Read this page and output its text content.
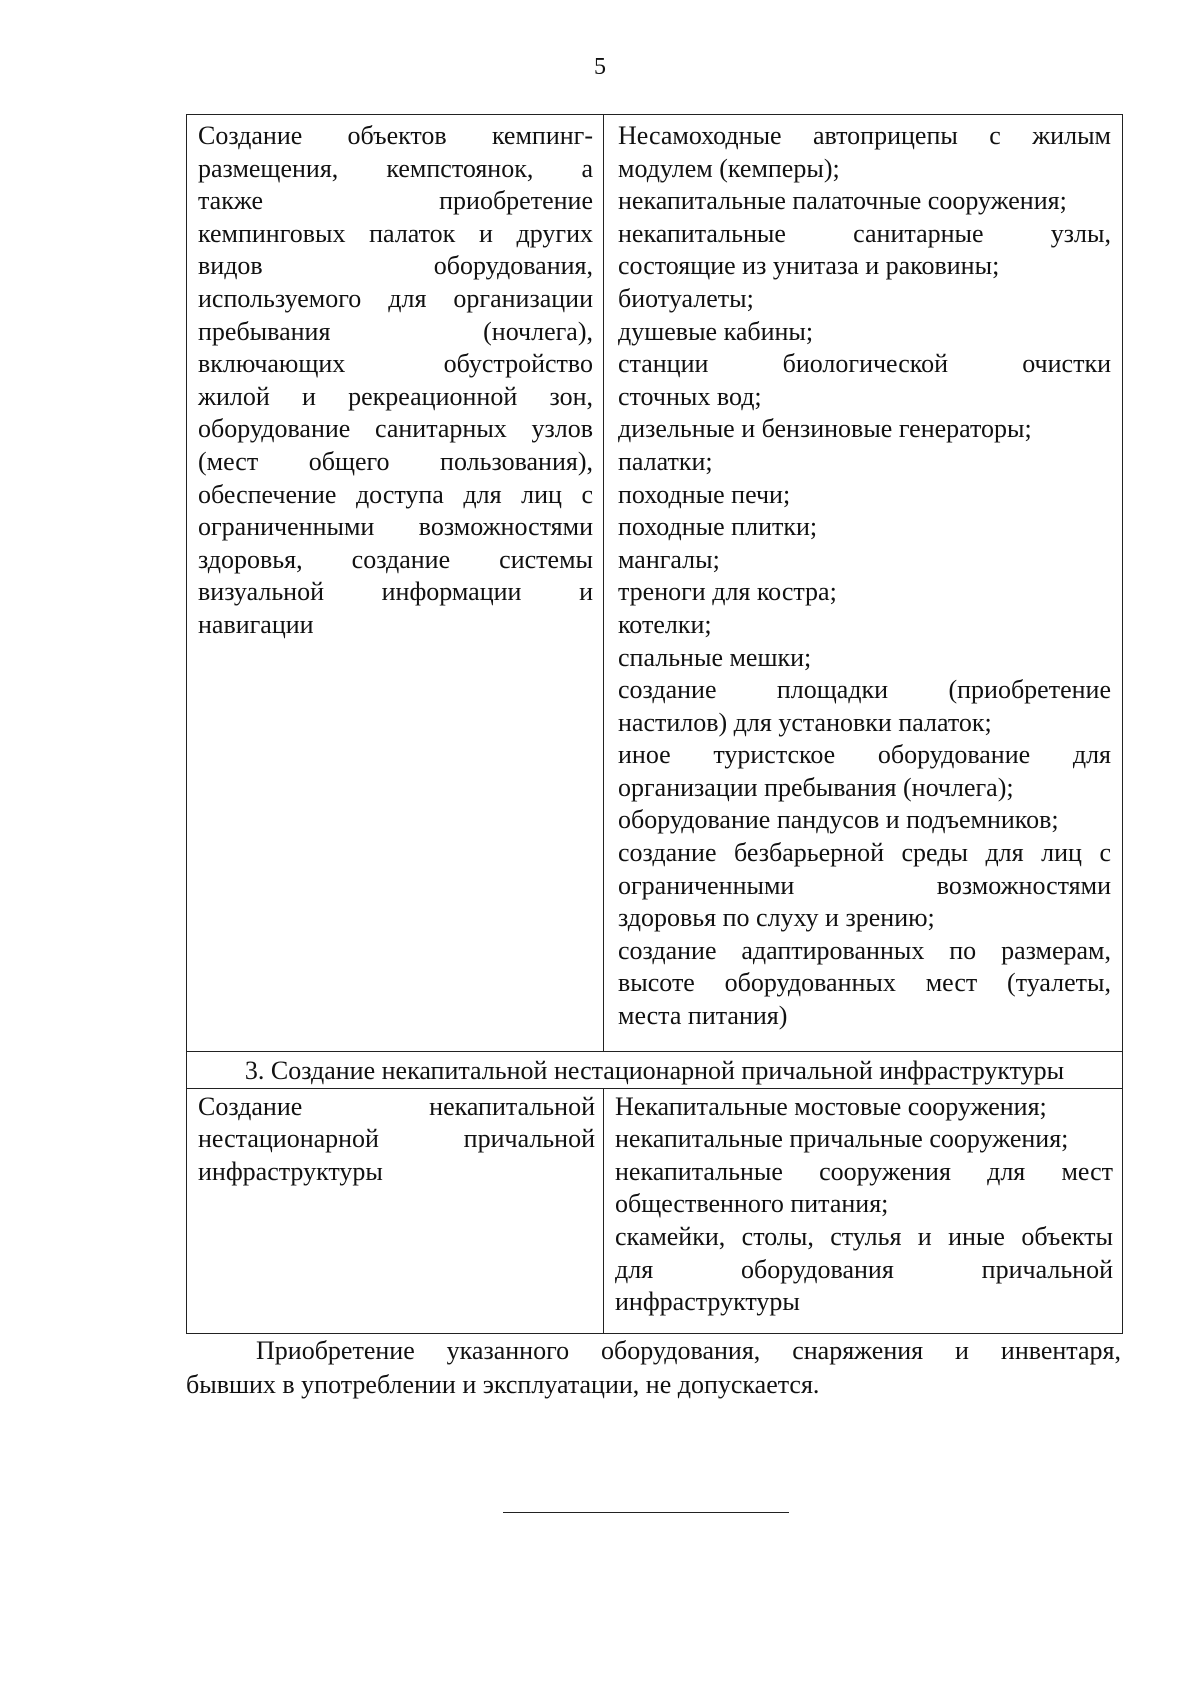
5
Создание объектов кемпинг-
размещения, кемпстоянок, а
также приобретение
кемпинговых палаток и других
видов оборудования,
используемого для организации
пребывания (ночлега),
включающих обустройство
жилой и рекреационной зон,
оборудование санитарных узлов
(мест общего пользования),
обеспечение доступа для лиц с
ограниченными возможностями
здоровья, создание системы
визуальной информации и
навигации
Несамоходные автоприцепы с жилым
модулем (кемперы);
некапитальные палаточные сооружения;
некапитальные санитарные узлы,
состоящие из унитаза и раковины;
биотуалеты;
душевые кабины;
станции биологической очистки
сточных вод;
дизельные и бензиновые генераторы;
палатки;
походные печи;
походные плитки;
мангалы;
треноги для костра;
котелки;
спальные мешки;
создание площадки (приобретение
настилов) для установки палаток;
иное туристское оборудование для
организации пребывания (ночлега);
оборудование пандусов и подъемников;
создание безбарьерной среды для лиц с
ограниченными возможностями
здоровья по слуху и зрению;
создание адаптированных по размерам,
высоте оборудованных мест (туалеты,
места питания)
3. Создание некапитальной нестационарной причальной инфраструктуры
Создание некапитальной
нестационарной причальной
инфраструктуры
Некапитальные мостовые сооружения;
некапитальные причальные сооружения;
некапитальные сооружения для мест
общественного питания;
скамейки, столы, стулья и иные объекты
для оборудования причальной
инфраструктуры
Приобретение указанного оборудования, снаряжения и инвентаря,
бывших в употреблении и эксплуатации, не допускается.
